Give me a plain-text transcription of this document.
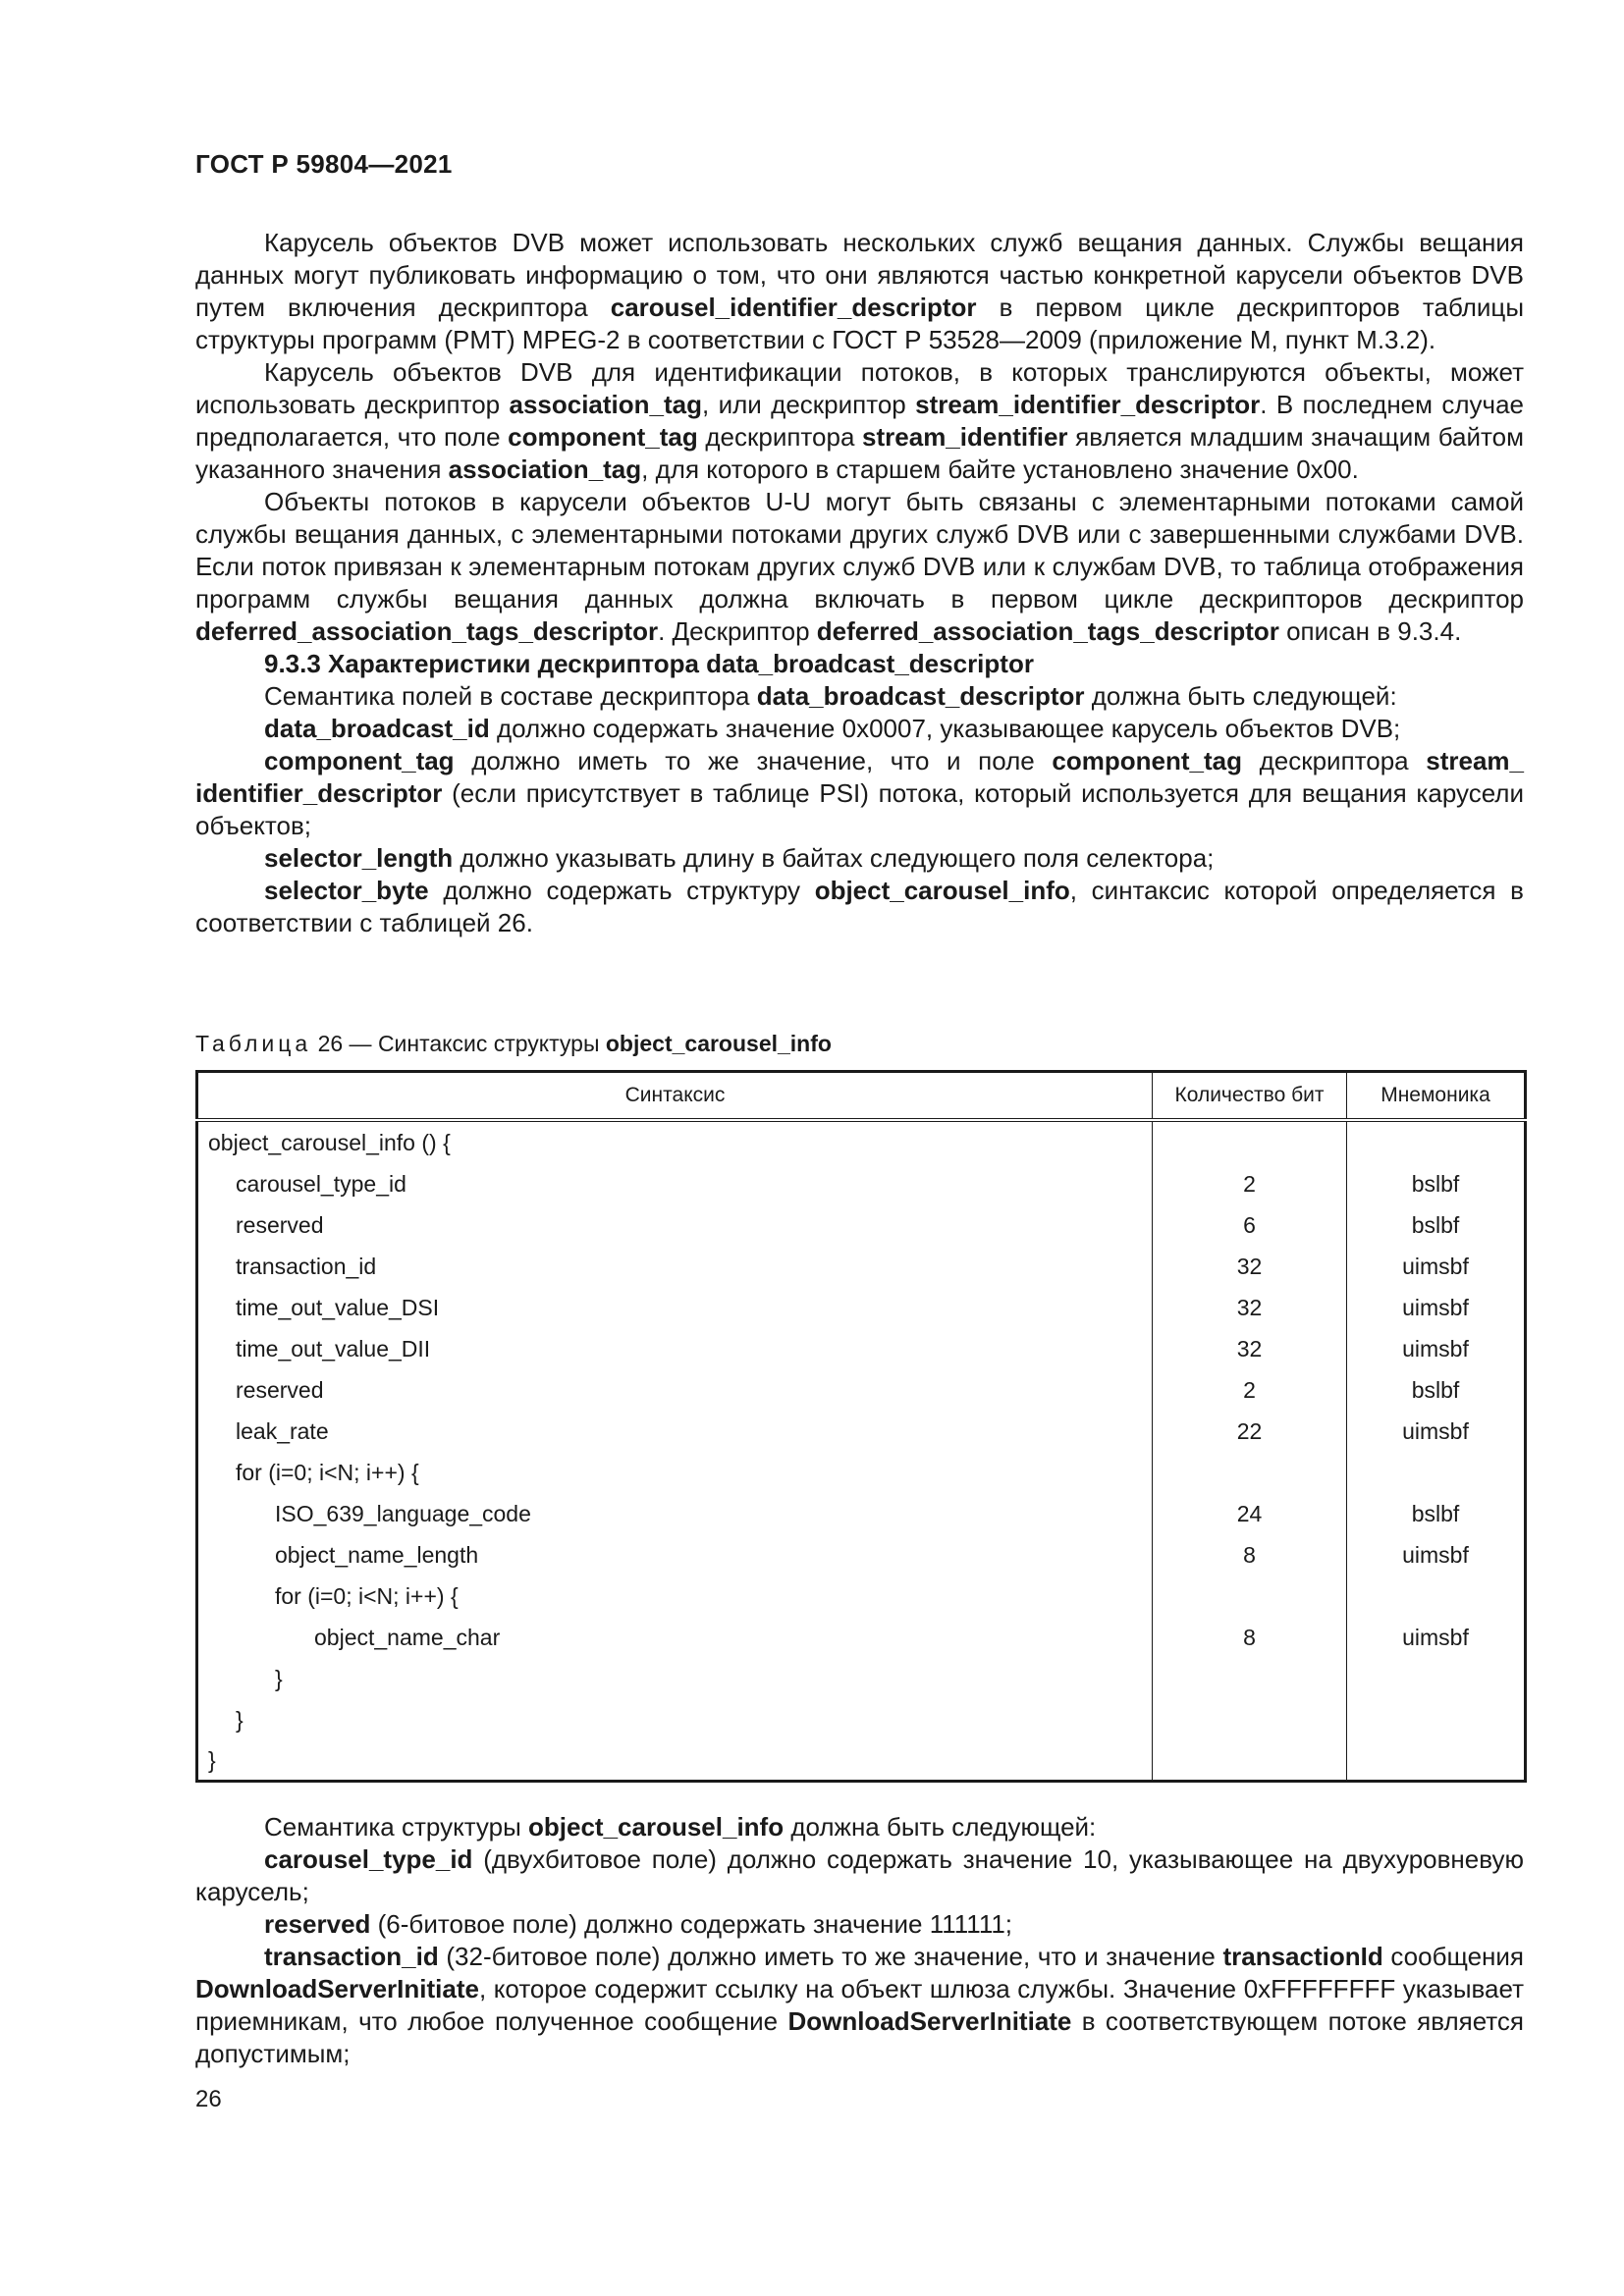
ГОСТ Р 59804—2021

Карусель объектов DVB может использовать нескольких служб вещания данных. Службы вещания данных могут публиковать информацию о том, что они являются частью конкретной карусели объектов DVB путем включения дескриптора carousel_identifier_descriptor в первом цикле дескрипторов таблицы структуры программ (PMT) MPEG-2 в соответствии с ГОСТ Р 53528—2009 (приложение М, пункт М.3.2).

Карусель объектов DVB для идентификации потоков, в которых транслируются объекты, может использовать дескриптор association_tag, или дескриптор stream_identifier_descriptor. В последнем случае предполагается, что поле component_tag дескриптора stream_identifier является младшим значащим байтом указанного значения association_tag, для которого в старшем байте установлено значение 0x00.

Объекты потоков в карусели объектов U-U могут быть связаны с элементарными потоками самой службы вещания данных, с элементарными потоками других служб DVB или с завершенными службами DVB. Если поток привязан к элементарным потокам других служб DVB или к службам DVB, то таблица отображения программ службы вещания данных должна включать в первом цикле дескрипторов дескриптор deferred_association_tags_descriptor. Дескриптор deferred_association_tags_descriptor описан в 9.3.4.

9.3.3 Характеристики дескриптора data_broadcast_descriptor

Семантика полей в составе дескриптора data_broadcast_descriptor должна быть следующей:

data_broadcast_id должно содержать значение 0x0007, указывающее карусель объектов DVB;

component_tag должно иметь то же значение, что и поле component_tag дескриптора stream_ identifier_descriptor (если присутствует в таблице PSI) потока, который используется для вещания карусели объектов;

selector_length должно указывать длину в байтах следующего поля селектора;

selector_byte должно содержать структуру object_carousel_info, синтаксис которой определяется в соответствии с таблицей 26.

Таблица 26 — Синтаксис структуры object_carousel_info
Синтаксис	Количество бит	Мнемоника
object_carousel_info () {		
carousel_type_id	2	bslbf
reserved	6	bslbf
transaction_id	32	uimsbf
time_out_value_DSI	32	uimsbf
time_out_value_DII	32	uimsbf
reserved	2	bslbf
leak_rate	22	uimsbf
for (i=0; i<N; i++) {		
ISO_639_language_code	24	bslbf
object_name_length	8	uimsbf
for (i=0; i<N; i++) {		
object_name_char	8	uimsbf
}		
}		
}		

Семантика структуры object_carousel_info должна быть следующей:

carousel_type_id (двухбитовое поле) должно содержать значение 10, указывающее на двухуровневую карусель;

reserved (6-битовое поле) должно содержать значение 111111;

transaction_id (32-битовое поле) должно иметь то же значение, что и значение transactionId сообщения DownloadServerInitiate, которое содержит ссылку на объект шлюза службы. Значение 0xFFFFFFFF указывает приемникам, что любое полученное сообщение DownloadServerInitiate в соответствующем потоке является допустимым;

26
